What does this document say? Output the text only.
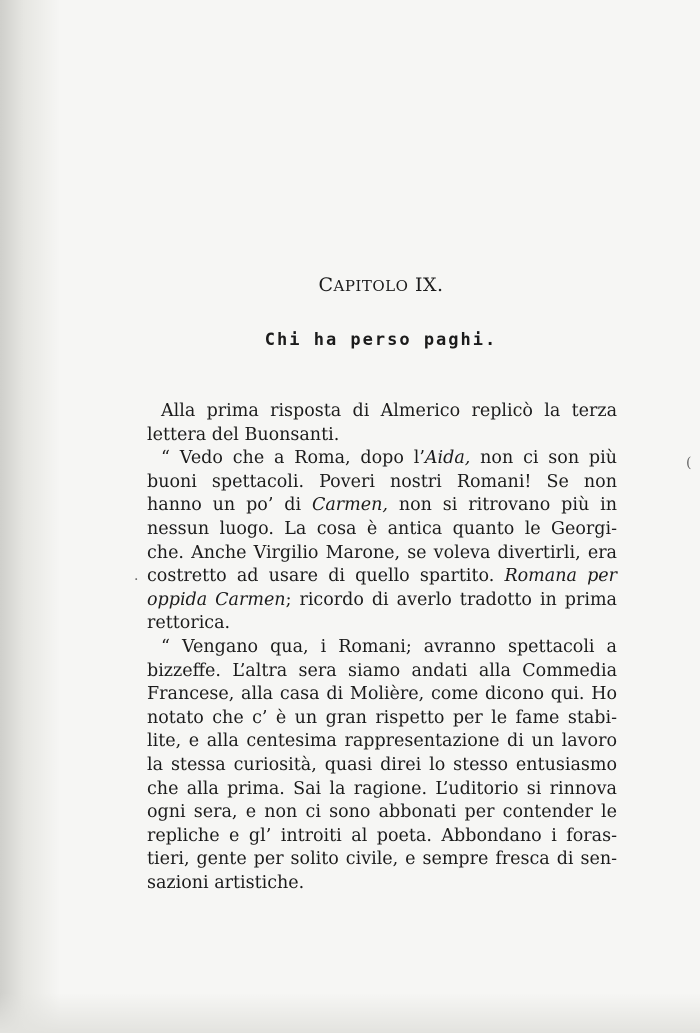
CAPITOLO IX.
Chi ha perso paghi.
Alla prima risposta di Almerico replicò la terza
lettera del Buonsanti.
“ Vedo che a Roma, dopo l’Aida, non ci son più
buoni spettacoli. Poveri nostri Romani! Se non
hanno un po’ di Carmen, non si ritrovano più in
nessun luogo. La cosa è antica quanto le Georgi-
che. Anche Virgilio Marone, se voleva divertirli, era
costretto ad usare di quello spartito. Romana per
oppida Carmen; ricordo di averlo tradotto in prima
rettorica.
“ Vengano qua, i Romani; avranno spettacoli a
bizzeffe. L’altra sera siamo andati alla Commedia
Francese, alla casa di Molière, come dicono qui. Ho
notato che c’ è un gran rispetto per le fame stabi-
lite, e alla centesima rappresentazione di un lavoro
la stessa curiosità, quasi direi lo stesso entusiasmo
che alla prima. Sai la ragione. L’uditorio si rinnova
ogni sera, e non ci sono abbonati per contender le
repliche e gl’ introiti al poeta. Abbondano i foras-
tieri, gente per solito civile, e sempre fresca di sen-
sazioni artistiche.
·
(
